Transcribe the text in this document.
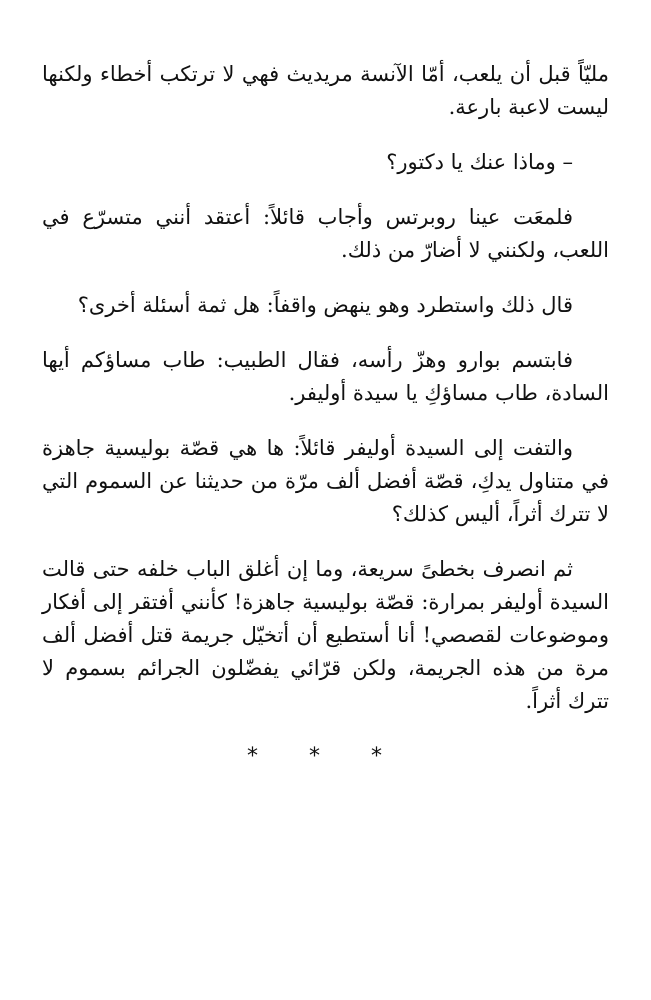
مليّاً قبل أن يلعب، أمّا الآنسة مريديث فهي لا ترتكب أخطاء ولكنها ليست لاعبة بارعة.

– وماذا عنك يا دكتور؟

فلمعَت عينا روبرتس وأجاب قائلاً: أعتقد أنني متسرّع في اللعب، ولكنني لا أضارّ من ذلك.

قال ذلك واستطرد وهو ينهض واقفاً: هل ثمة أسئلة أخرى؟

فابتسم بوارو وهزّ رأسه، فقال الطبيب: طاب مساؤكم أيها السادة، طاب مساؤكِ يا سيدة أوليفر.

والتفت إلى السيدة أوليفر قائلاً: ها هي قصّة بوليسية جاهزة في متناول يدكِ، قصّة أفضل ألف مرّة من حديثنا عن السموم التي لا تترك أثراً، أليس كذلك؟

ثم انصرف بخطىً سريعة، وما إن أغلق الباب خلفه حتى قالت السيدة أوليفر بمرارة: قصّة بوليسية جاهزة! كأنني أفتقر إلى أفكار وموضوعات لقصصي! أنا أستطيع أن أتخيّل جريمة قتل أفضل ألف مرة من هذه الجريمة، ولكن قرّائي يفضّلون الجرائم بسموم لا تترك أثراً.

* * *
